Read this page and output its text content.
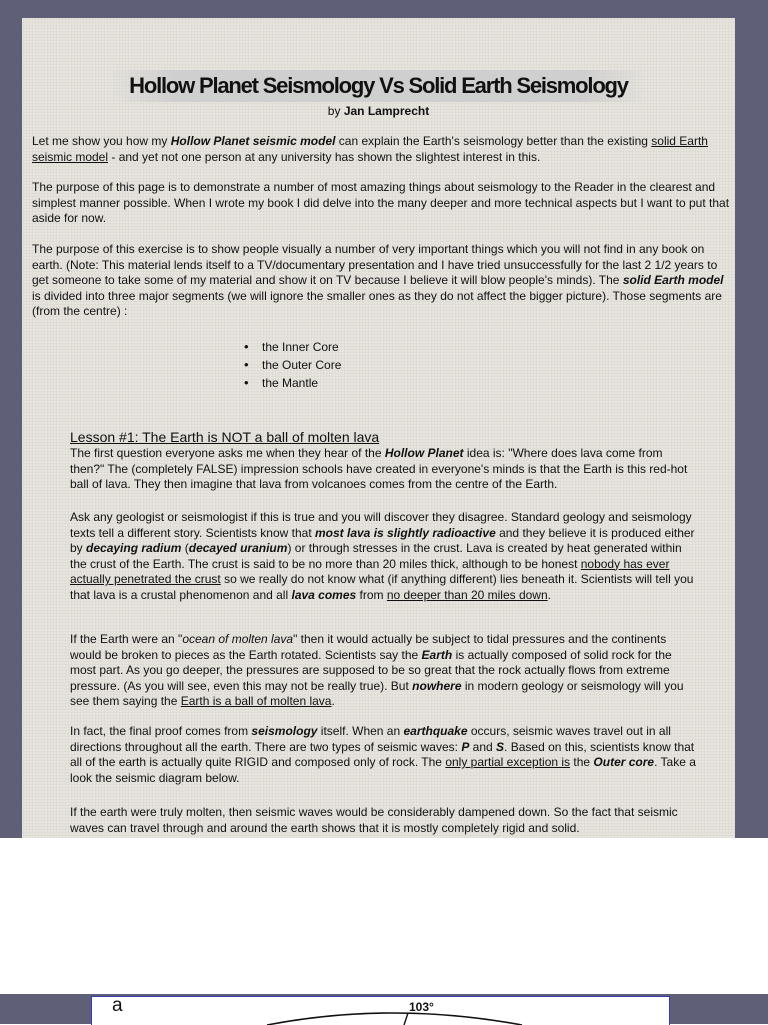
Hollow Planet Seismology Vs Solid Earth Seismology
by Jan Lamprecht
Let me show you how my Hollow Planet seismic model can explain the Earth's seismology better than the existing solid Earth seismic model - and yet not one person at any university has shown the slightest interest in this.
The purpose of this page is to demonstrate a number of most amazing things about seismology to the Reader in the clearest and simplest manner possible. When I wrote my book I did delve into the many deeper and more technical aspects but I want to put that aside for now.
The purpose of this exercise is to show people visually a number of very important things which you will not find in any book on earth. (Note: This material lends itself to a TV/documentary presentation and I have tried unsuccessfully for the last 2 1/2 years to get someone to take some of my material and show it on TV because I believe it will blow people's minds). The solid Earth model is divided into three major segments (we will ignore the smaller ones as they do not affect the bigger picture). Those segments are (from the centre) :
• the Inner Core
• the Outer Core
• the Mantle
Lesson #1: The Earth is NOT a ball of molten lava
The first question everyone asks me when they hear of the Hollow Planet idea is: "Where does lava come from then?" The (completely FALSE) impression schools have created in everyone's minds is that the Earth is this red-hot ball of lava. They then imagine that lava from volcanoes comes from the centre of the Earth.
Ask any geologist or seismologist if this is true and you will discover they disagree. Standard geology and seismology texts tell a different story. Scientists know that most lava is slightly radioactive and they believe it is produced either by decaying radium (decayed uranium) or through stresses in the crust. Lava is created by heat generated within the crust of the Earth. The crust is said to be no more than 20 miles thick, although to be honest nobody has ever actually penetrated the crust so we really do not know what (if anything different) lies beneath it. Scientists will tell you that lava is a crustal phenomenon and all lava comes from no deeper than 20 miles down.
If the Earth were an "ocean of molten lava" then it would actually be subject to tidal pressures and the continents would be broken to pieces as the Earth rotated. Scientists say the Earth is actually composed of solid rock for the most part. As you go deeper, the pressures are supposed to be so great that the rock actually flows from extreme pressure. (As you will see, even this may not be really true). But nowhere in modern geology or seismology will you see them saying the Earth is a ball of molten lava.
In fact, the final proof comes from seismology itself. When an earthquake occurs, seismic waves travel out in all directions throughout all the earth. There are two types of seismic waves: P and S. Based on this, scientists know that all of the earth is actually quite RIGID and composed only of rock. The only partial exception is the Outer core. Take a look the seismic diagram below.
If the earth were truly molten, then seismic waves would be considerably dampened down. So the fact that seismic waves can travel through and around the earth shows that it is mostly completely rigid and solid.
a	103°
